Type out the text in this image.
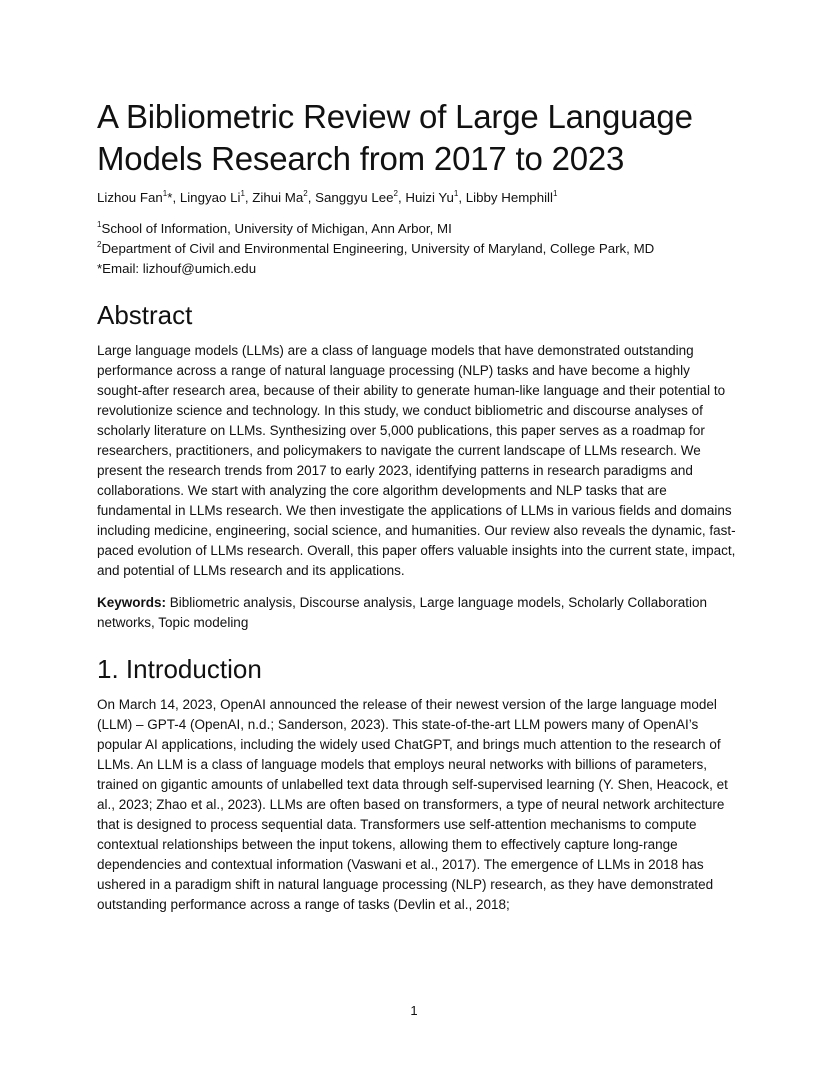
A Bibliometric Review of Large Language Models Research from 2017 to 2023
Lizhou Fan$^1$*, Lingyao Li$^1$, Zihui Ma$^2$, Sanggyu Lee$^2$, Huizi Yu$^1$, Libby Hemphill$^1$
$^1$School of Information, University of Michigan, Ann Arbor, MI
$^2$Department of Civil and Environmental Engineering, University of Maryland, College Park, MD
*Email: lizhouf@umich.edu
Abstract

Large language models (LLMs) are a class of language models that have demonstrated outstanding performance across a range of natural language processing (NLP) tasks and have become a highly sought-after research area, because of their ability to generate human-like language and their potential to revolutionize science and technology. In this study, we conduct bibliometric and discourse analyses of scholarly literature on LLMs. Synthesizing over 5,000 publications, this paper serves as a roadmap for researchers, practitioners, and policymakers to navigate the current landscape of LLMs research. We present the research trends from 2017 to early 2023, identifying patterns in research paradigms and collaborations. We start with analyzing the core algorithm developments and NLP tasks that are fundamental in LLMs research. We then investigate the applications of LLMs in various fields and domains including medicine, engineering, social science, and humanities. Our review also reveals the dynamic, fast-paced evolution of LLMs research. Overall, this paper offers valuable insights into the current state, impact, and potential of LLMs research and its applications.

Keywords: Bibliometric analysis, Discourse analysis, Large language models, Scholarly Collaboration networks, Topic modeling

1. Introduction

On March 14, 2023, OpenAI announced the release of their newest version of the large language model (LLM) – GPT-4 (OpenAI, n.d.; Sanderson, 2023). This state-of-the-art LLM powers many of OpenAI’s popular AI applications, including the widely used ChatGPT, and brings much attention to the research of LLMs. An LLM is a class of language models that employs neural networks with billions of parameters, trained on gigantic amounts of unlabelled text data through self-supervised learning (Y. Shen, Heacock, et al., 2023; Zhao et al., 2023). LLMs are often based on transformers, a type of neural network architecture that is designed to process sequential data. Transformers use self-attention mechanisms to compute contextual relationships between the input tokens, allowing them to effectively capture long-range dependencies and contextual information (Vaswani et al., 2017). The emergence of LLMs in 2018 has ushered in a paradigm shift in natural language processing (NLP) research, as they have demonstrated outstanding performance across a range of tasks (Devlin et al., 2018;

1
